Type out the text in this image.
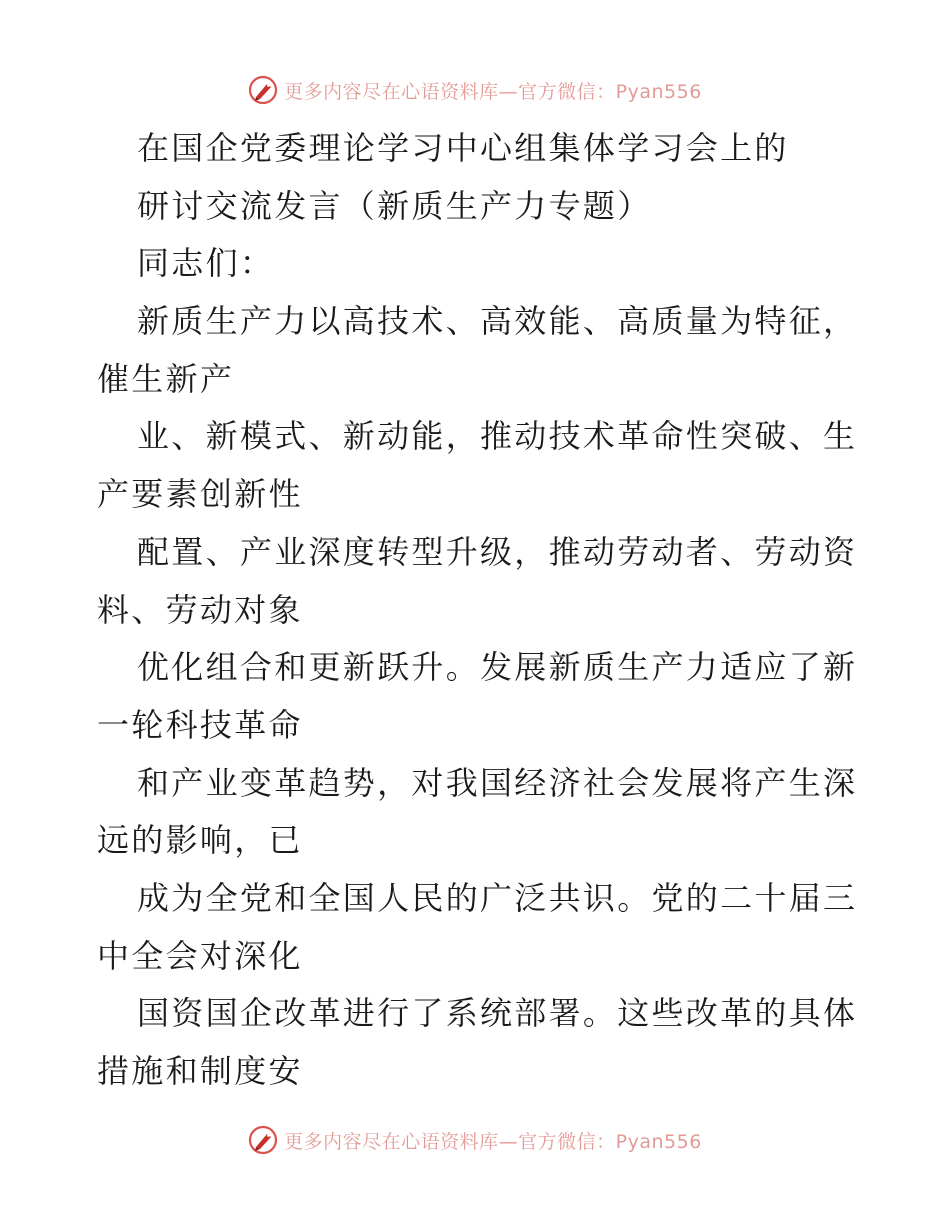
更多内容尽在心语资料库—官方微信：Pyan556
在国企党委理论学习中心组集体学习会上的
研讨交流发言（新质生产力专题）
同志们：
新质生产力以高技术、高效能、高质量为特征，
催生新产
业、新模式、新动能，推动技术革命性突破、生
产要素创新性
配置、产业深度转型升级，推动劳动者、劳动资
料、劳动对象
优化组合和更新跃升。发展新质生产力适应了新
一轮科技革命
和产业变革趋势，对我国经济社会发展将产生深
远的影响，已
成为全党和全国人民的广泛共识。党的二十届三
中全会对深化
国资国企改革进行了系统部署。这些改革的具体
措施和制度安
更多内容尽在心语资料库—官方微信：Pyan556
